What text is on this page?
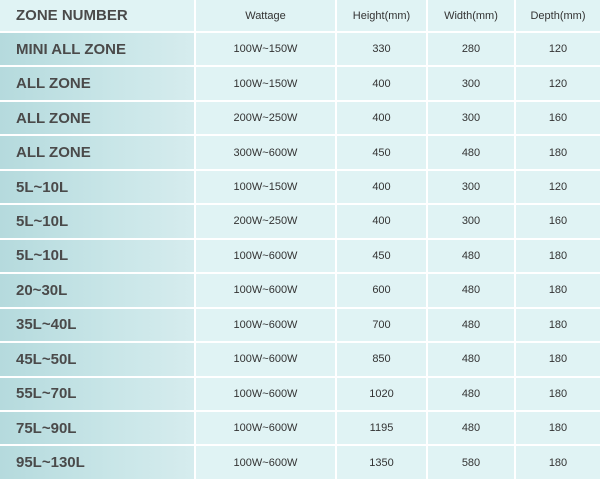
ZONE NUMBER	Wattage	Height(mm)	Width(mm)	Depth(mm)
MINI ALL ZONE	100W~150W	330	280	120
ALL ZONE	100W~150W	400	300	120
ALL ZONE	200W~250W	400	300	160
ALL ZONE	300W~600W	450	480	180
5L~10L	100W~150W	400	300	120
5L~10L	200W~250W	400	300	160
5L~10L	100W~600W	450	480	180
20~30L	100W~600W	600	480	180
35L~40L	100W~600W	700	480	180
45L~50L	100W~600W	850	480	180
55L~70L	100W~600W	1020	480	180
75L~90L	100W~600W	1195	480	180
95L~130L	100W~600W	1350	580	180
